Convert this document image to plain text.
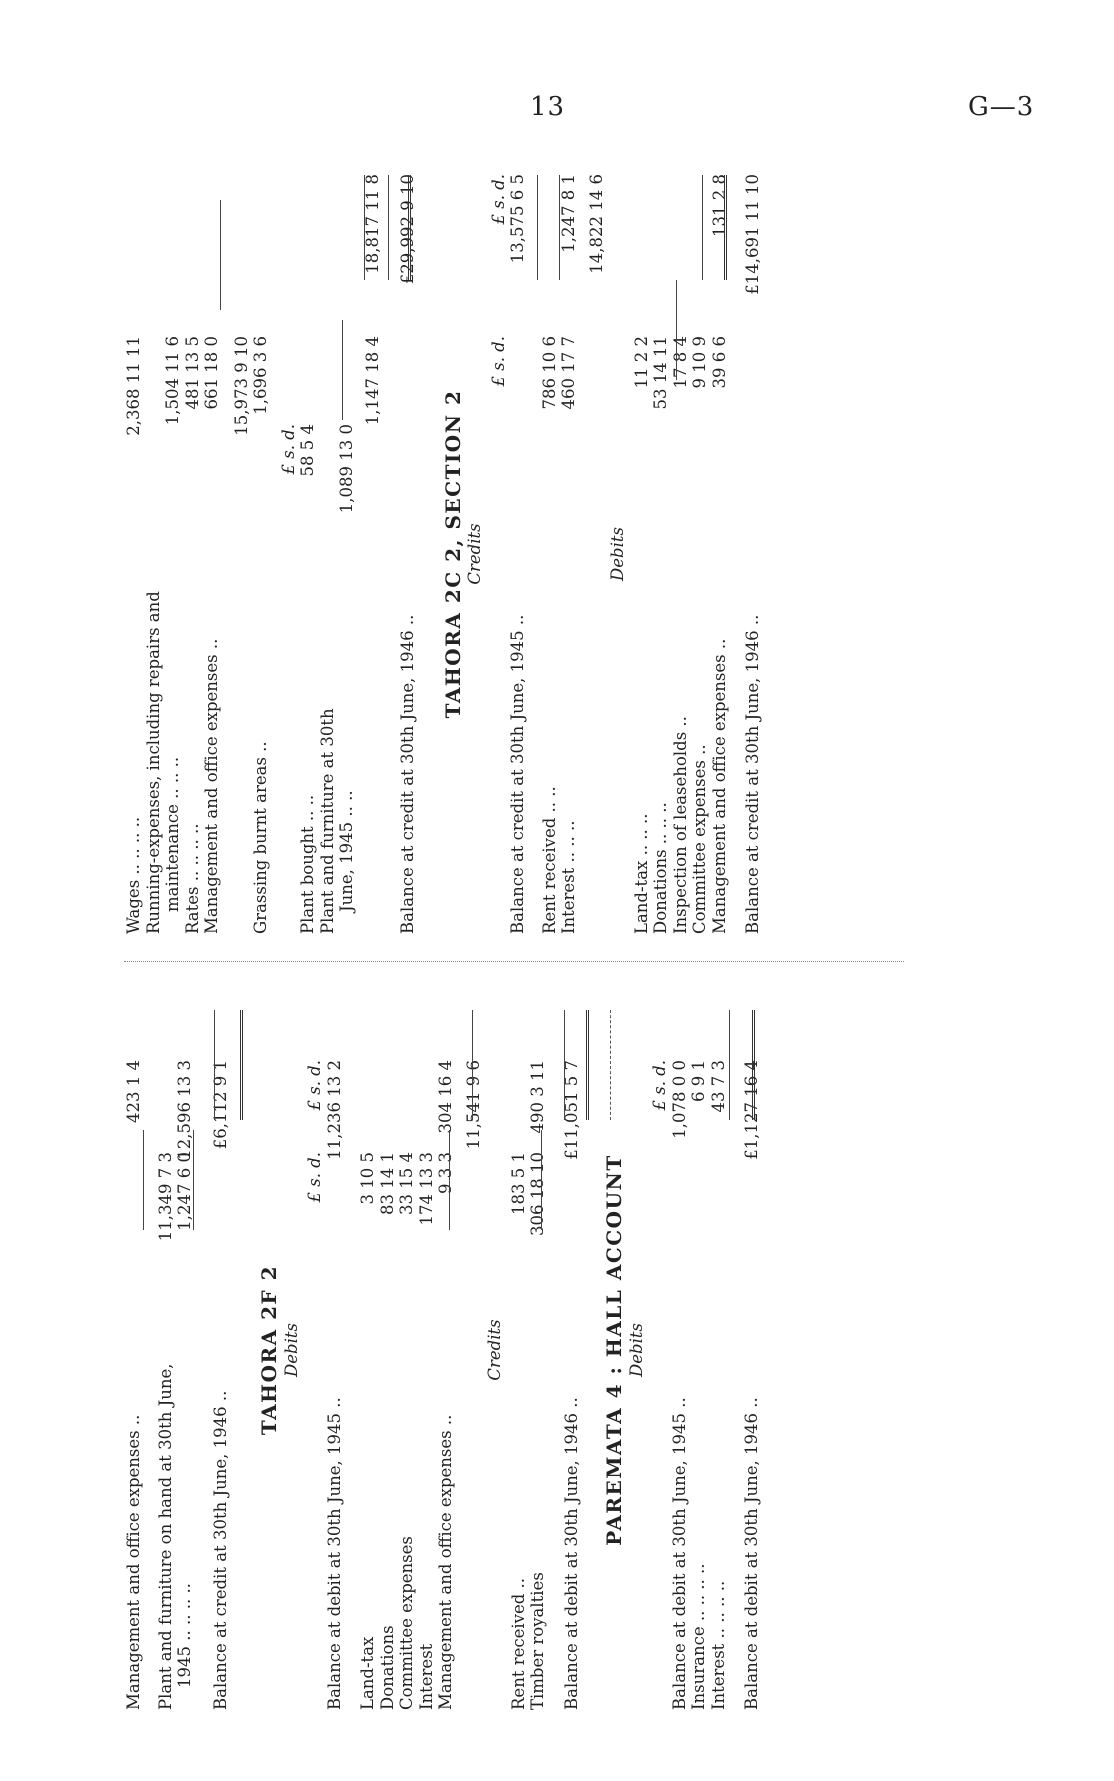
13	G—3
Management and office expenses ..
423 1 4
Plant and furniture on hand at 30th June,
11,349 7 3
1945 .. .. .. ..
1,247 6 0
12,596 13 3
Balance at credit at 30th June, 1946 ..
£6,112 9 1
TAHORA 2F 2 Debits
£ s. d.
£ s. d.
Balance at debit at 30th June, 1945 ..
11,236 13 2
Land-tax
3 10 5
Donations
83 14 1
Committee expenses
33 15 4
Interest
174 13 3
Management and office expenses ..
9 3 3
304 16 4 11,541 9 6
Credits
Rent received ..
183 5 1
Timber royalties
306 18 10
490 3 11
Balance at debit at 30th June, 1946 ..
£11,051 5 7
PAREMATA 4 : HALL ACCOUNT Debits
£ s. d.
Balance at debit at 30th June, 1945 ..
1,078 0 0
Insurance .. .. .. ..
6 9 1
Interest .. .. .. ..
43 7 3
Balance at debit at 30th June, 1946 ..
£1,127 16 4
Wages .. .. .. ..
2,368 11 11
Running-expenses, including repairs and maintenance .. .. ..
1,504 11 6
Rates .. .. .. ..
481 13 5
Management and office expenses ..
661 18 0 15,973 9 10
Grassing burnt areas ..
1,696 3 6
£ s. d.
Plant bought .. ..
58 5 4
Plant and furniture at 30th June, 1945 .. ..
1,089 13 0
1,147 18 4
18,817 11 8
Balance at credit at 30th June, 1946 ..
£29,992 9 10
TAHORA 2C 2, SECTION 2 Credits
£ s. d.
£ s. d.
Balance at credit at 30th June, 1945 ..
13,575 6 5
Rent received .. ..
786 10 6
Interest .. .. ..
460 17 7
1,247 8 1 14,822 14 6
Debits
Land-tax .. .. ..
11 2 2
Donations .. .. ..
53 14 11
Inspection of leaseholds ..
17 8 4
Committee expenses ..
9 10 9
Management and office expenses ..
39 6 6
131 2 8
Balance at credit at 30th June, 1946 ..
£14,691 11 10
